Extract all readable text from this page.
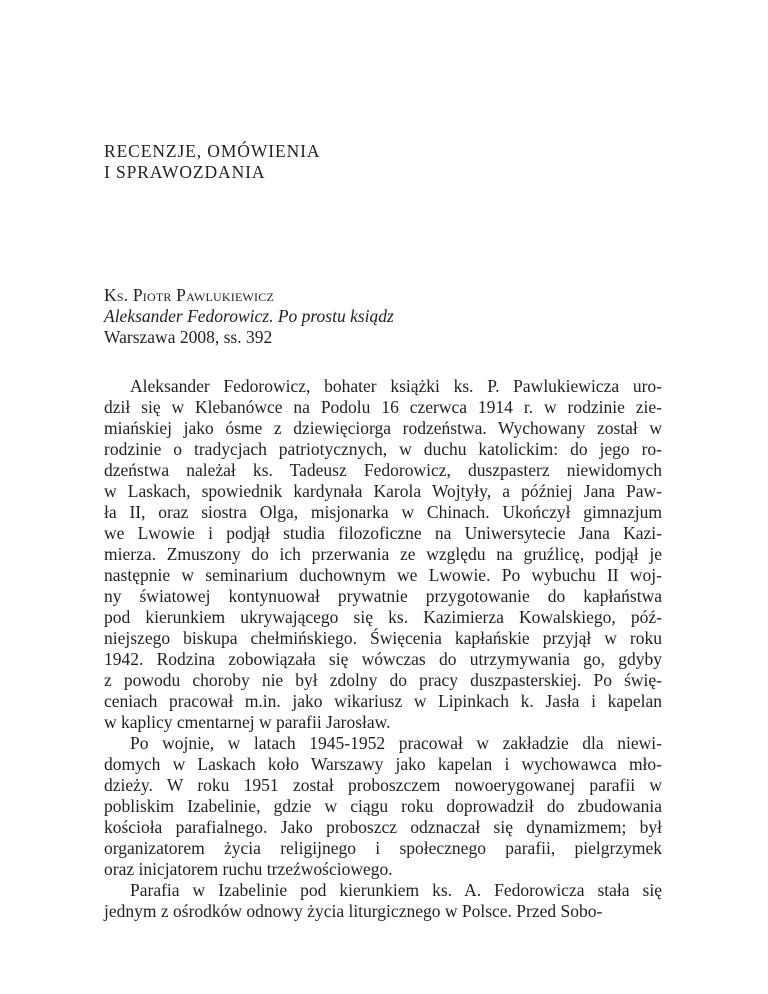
RECENZJE, OMÓWIENIA
I SPRAWOZDANIA
Ks. Piotr Pawlukiewicz
Aleksander Fedorowicz. Po prostu ksiądz
Warszawa 2008, ss. 392
Aleksander Fedorowicz, bohater książki ks. P. Pawlukiewicza uro-
dził się w Klebanówce na Podolu 16 czerwca 1914 r. w rodzinie zie-
miańskiej jako ósme z dziewięciorga rodzeństwa. Wychowany został w
rodzinie o tradycjach patriotycznych, w duchu katolickim: do jego ro-
dzeństwa należał ks. Tadeusz Fedorowicz, duszpasterz niewidomych
w Laskach, spowiednik kardynała Karola Wojtyły, a później Jana Paw-
ła II, oraz siostra Olga, misjonarka w Chinach. Ukończył gimnazjum
we Lwowie i podjął studia filozoficzne na Uniwersytecie Jana Kazi-
mierza. Zmuszony do ich przerwania ze względu na gruźlicę, podjął je
następnie w seminarium duchownym we Lwowie. Po wybuchu II woj-
ny światowej kontynuował prywatnie przygotowanie do kapłaństwa
pod kierunkiem ukrywającego się ks. Kazimierza Kowalskiego, póź-
niejszego biskupa chełmińskiego. Święcenia kapłańskie przyjął w roku
1942. Rodzina zobowiązała się wówczas do utrzymywania go, gdyby
z powodu choroby nie był zdolny do pracy duszpasterskiej. Po świę-
ceniach pracował m.in. jako wikariusz w Lipinkach k. Jasła i kapelan
w kaplicy cmentarnej w parafii Jarosław.
Po wojnie, w latach 1945-1952 pracował w zakładzie dla niewi-
domych w Laskach koło Warszawy jako kapelan i wychowawca mło-
dzieży. W roku 1951 został proboszczem nowoerygowanej parafii w
pobliskim Izabelinie, gdzie w ciągu roku doprowadził do zbudowania
kościoła parafialnego. Jako proboszcz odznaczał się dynamizmem; był
organizatorem życia religijnego i społecznego parafii, pielgrzymek
oraz inicjatorem ruchu trzeźwościowego.
Parafia w Izabelinie pod kierunkiem ks. A. Fedorowicza stała się
jednym z ośrodków odnowy życia liturgicznego w Polsce. Przed Sobo-
